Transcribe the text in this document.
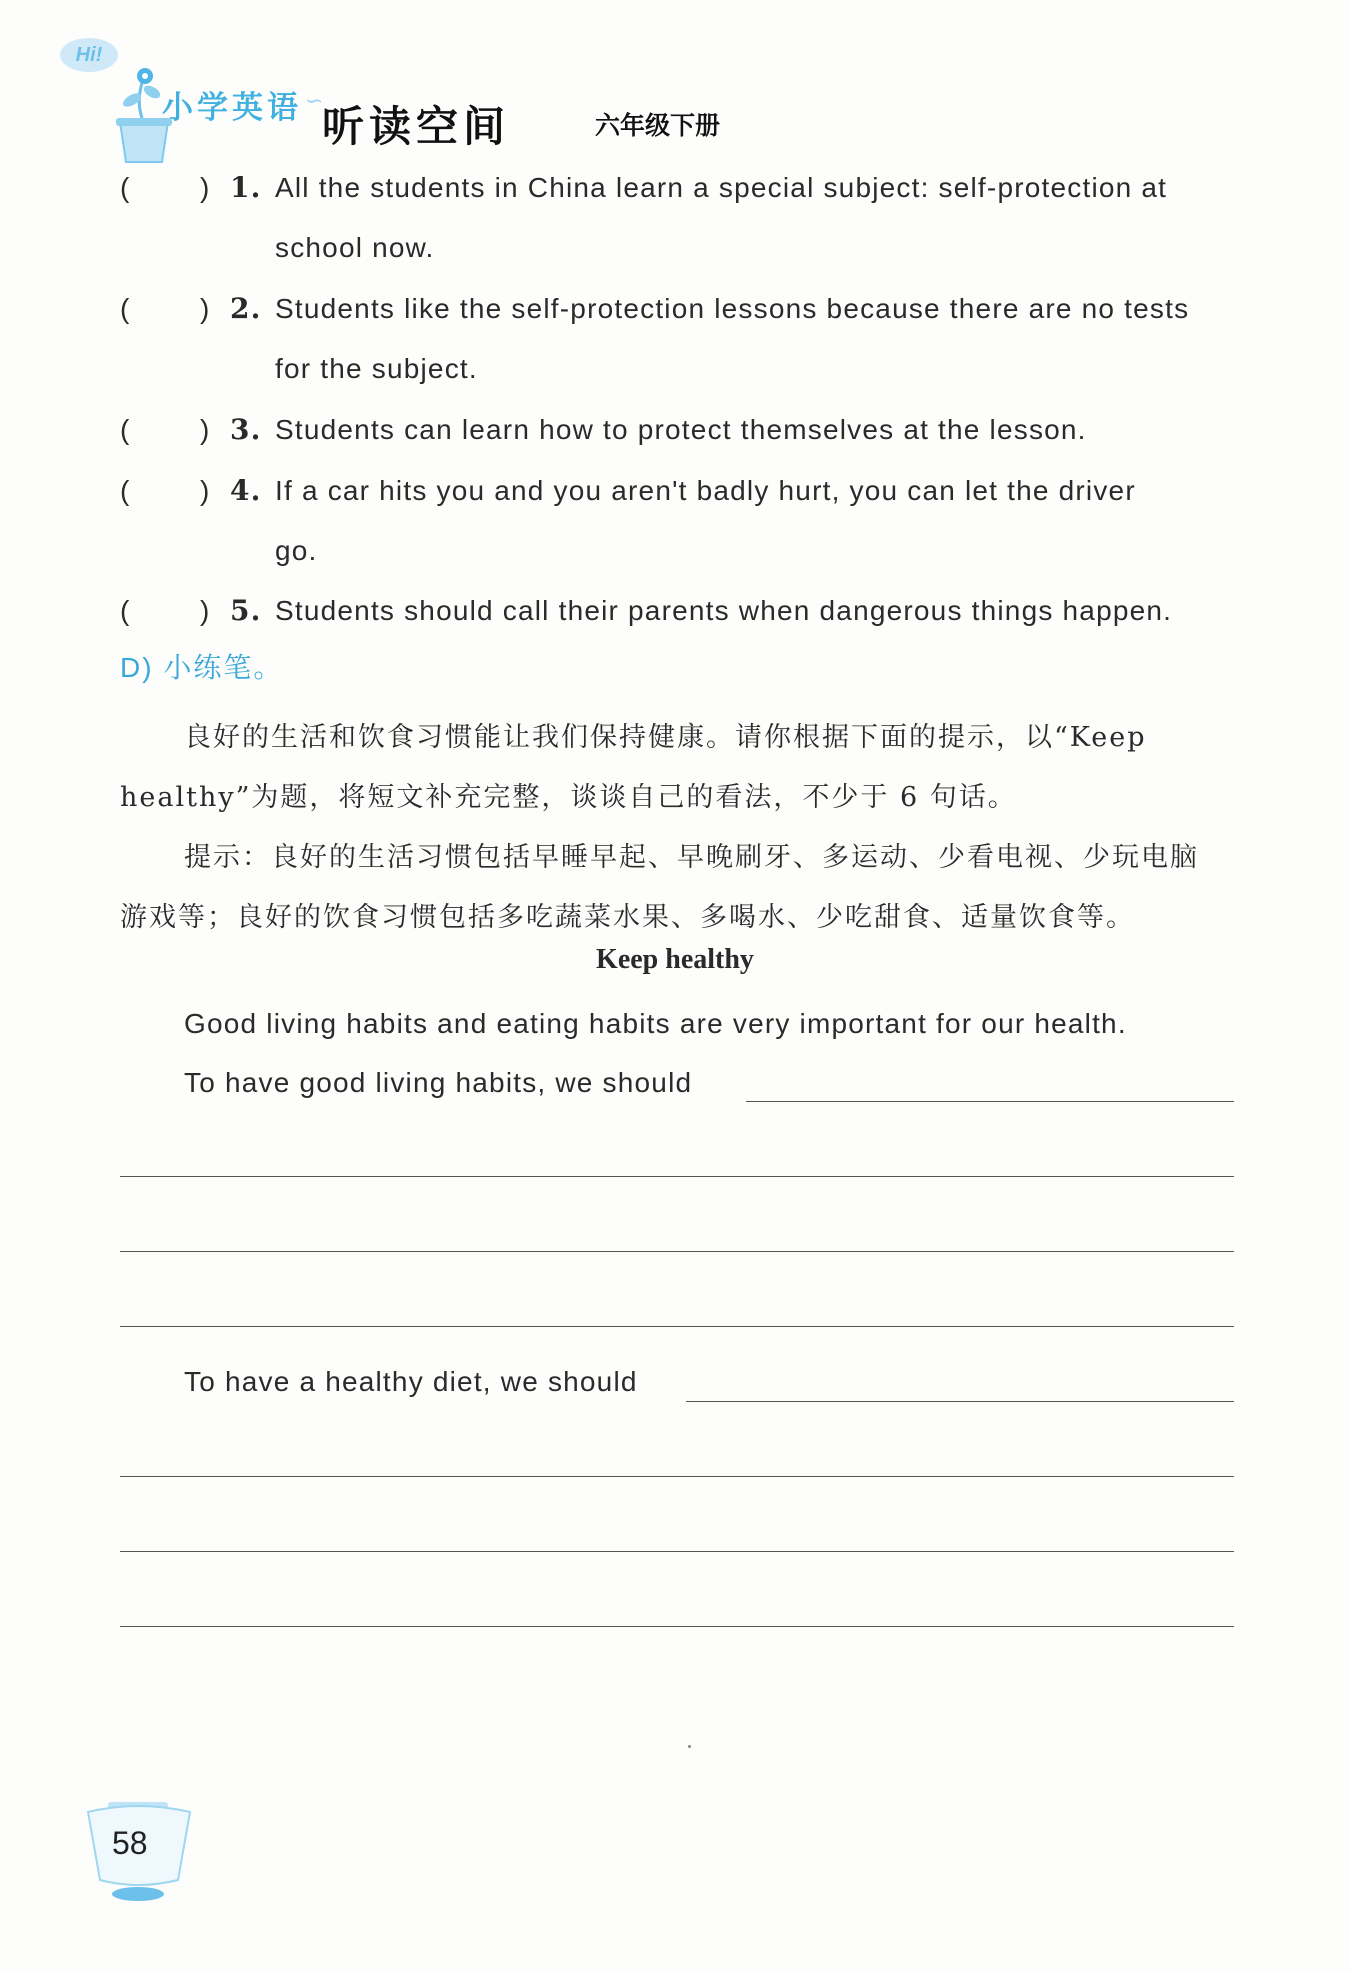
Hi!
小学英语 ∽
听读空间	六年级下册
( ) 1. All the students in China learn a special subject: self-protection at
school now.
( ) 2. Students like the self-protection lessons because there are no tests
for the subject.
( ) 3. Students can learn how to protect themselves at the lesson.
( ) 4. If a car hits you and you aren't badly hurt, you can let the driver
go.
( ) 5. Students should call their parents when dangerous things happen.
D) 小练笔。
良好的生活和饮食习惯能让我们保持健康。请你根据下面的提示，以“Keep
healthy”为题，将短文补充完整，谈谈自己的看法，不少于 6 句话。
提示：良好的生活习惯包括早睡早起、早晚刷牙、多运动、少看电视、少玩电脑
游戏等；良好的饮食习惯包括多吃蔬菜水果、多喝水、少吃甜食、适量饮食等。
Keep healthy
Good living habits and eating habits are very important for our health.
To have good living habits, we should
To have a healthy diet, we should
58
